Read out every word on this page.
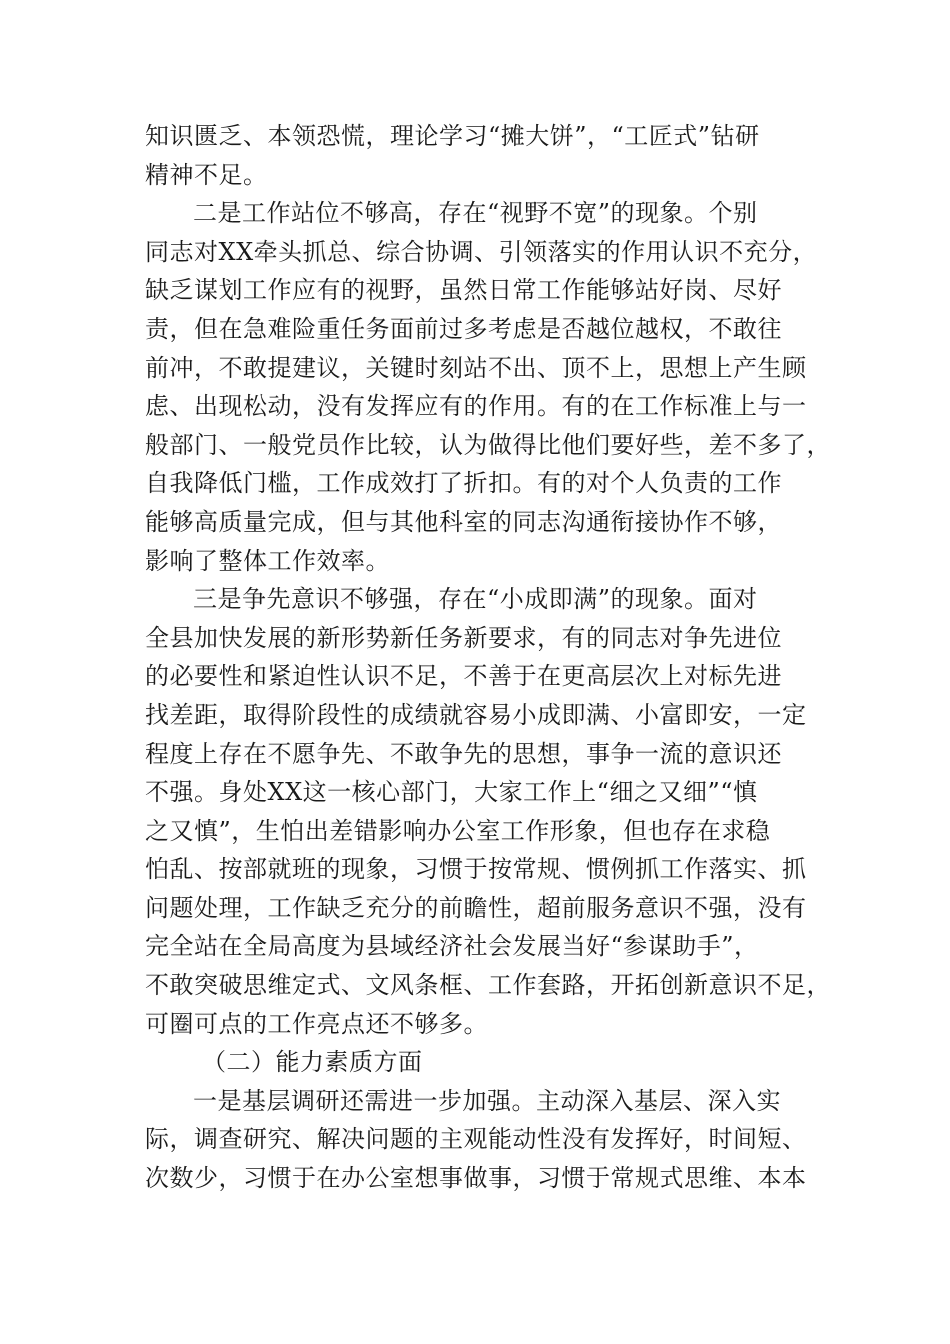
知识匮乏、本领恐慌，理论学习“摊大饼”，“工匠式”钻研
精神不足。
二是工作站位不够高，存在“视野不宽”的现象。个别
同志对XX牵头抓总、综合协调、引领落实的作用认识不充分，
缺乏谋划工作应有的视野，虽然日常工作能够站好岗、尽好
责，但在急难险重任务面前过多考虑是否越位越权，不敢往
前冲，不敢提建议，关键时刻站不出、顶不上，思想上产生顾
虑、出现松动，没有发挥应有的作用。有的在工作标准上与一
般部门、一般党员作比较，认为做得比他们要好些，差不多了，
自我降低门槛，工作成效打了折扣。有的对个人负责的工作
能够高质量完成，但与其他科室的同志沟通衔接协作不够，
影响了整体工作效率。
三是争先意识不够强，存在“小成即满”的现象。面对
全县加快发展的新形势新任务新要求，有的同志对争先进位
的必要性和紧迫性认识不足，不善于在更高层次上对标先进
找差距，取得阶段性的成绩就容易小成即满、小富即安，一定
程度上存在不愿争先、不敢争先的思想，事争一流的意识还
不强。身处XX这一核心部门，大家工作上“细之又细”“慎
之又慎”，生怕出差错影响办公室工作形象，但也存在求稳
怕乱、按部就班的现象，习惯于按常规、惯例抓工作落实、抓
问题处理，工作缺乏充分的前瞻性，超前服务意识不强，没有
完全站在全局高度为县域经济社会发展当好“参谋助手”，
不敢突破思维定式、文风条框、工作套路，开拓创新意识不足，
可圈可点的工作亮点还不够多。
（二）能力素质方面
一是基层调研还需进一步加强。主动深入基层、深入实
际，调查研究、解决问题的主观能动性没有发挥好，时间短、
次数少，习惯于在办公室想事做事，习惯于常规式思维、本本
